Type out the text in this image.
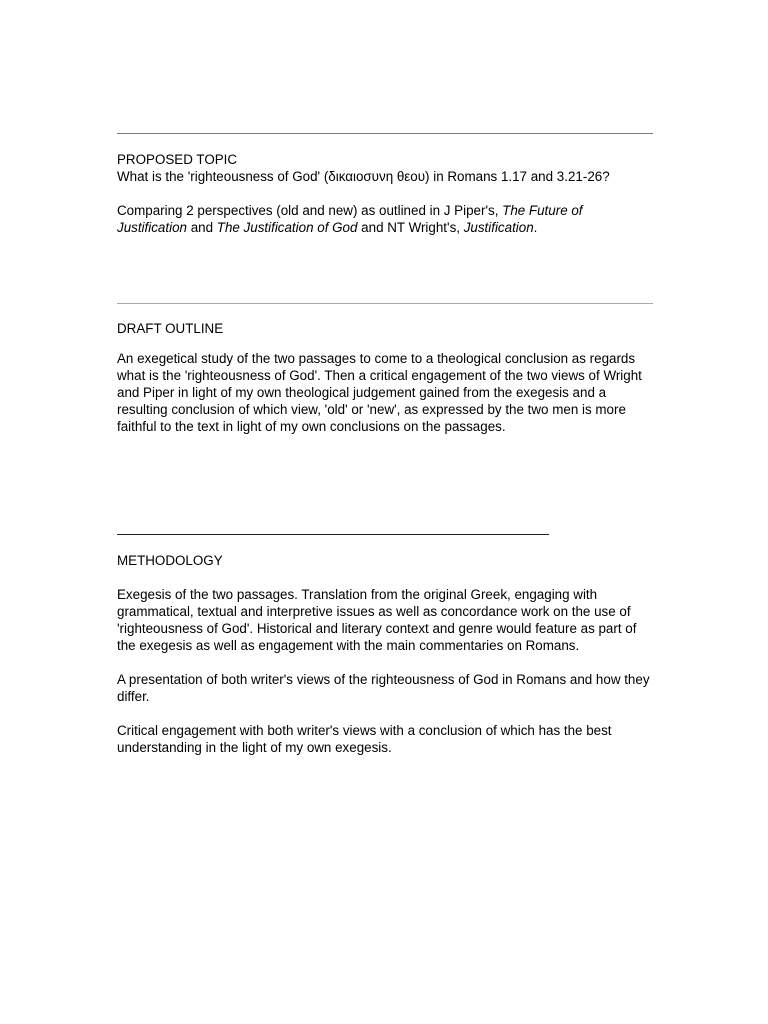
PROPOSED TOPIC

What is the 'righteousness of God' (δικαιοσυνη θεου) in Romans 1.17 and 3.21-26?

Comparing 2 perspectives (old and new) as outlined in J Piper's, The Future of Justification and The Justification of God and NT Wright's, Justification.

DRAFT OUTLINE

An exegetical study of the two passages to come to a theological conclusion as regards what is the 'righteousness of God'. Then a critical engagement of the two views of Wright and Piper in light of my own theological judgement gained from the exegesis and a resulting conclusion of which view, 'old' or 'new', as expressed by the two men is more faithful to the text in light of my own conclusions on the passages.

__________________________________________________________

METHODOLOGY

Exegesis of the two passages. Translation from the original Greek, engaging with grammatical, textual and interpretive issues as well as concordance work on the use of 'righteousness of God'. Historical and literary context and genre would feature as part of the exegesis as well as engagement with the main commentaries on Romans.

A presentation of both writer's views of the righteousness of God in Romans and how they differ.

Critical engagement with both writer's views with a conclusion of which has the best understanding in the light of my own exegesis.
